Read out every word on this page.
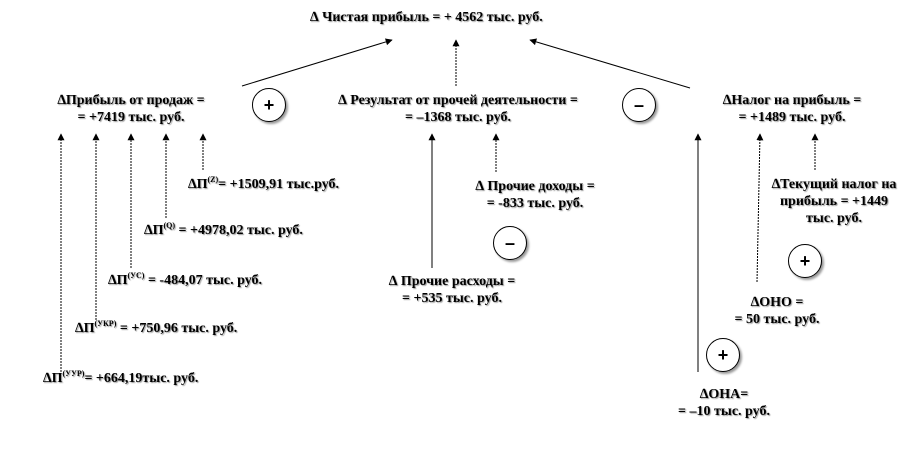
∆ Чистая прибыль = + 4562 тыс. руб.
∆Прибыль от продаж =
= +7419 тыс. руб.
+
$\Delta П^{(Z)}= +1509,91$ тыс.руб.
$\Delta П^{(Q)} = +4978,02$ тыс. руб.
$\Delta П^{(УС)} = -484,07$ тыс. руб.
$\Delta П^{(УКР)} = +750,96$ тыс. руб.
$\Delta П^{(УУР)}= +664,19тыс$. руб.
∆ Результат от прочей деятельности =
= –1368 тыс. руб.
–
∆ Прочие доходы =
= -833 тыс. руб.
–
∆ Прочие расходы =
= +535 тыс. руб.
∆Налог на прибыль =
= +1489 тыс. руб.
∆Текущий налог на
прибыль = +1449
тыс. руб.
+
∆ОНО =
= 50 тыс. руб.
+
∆ОНА=
= –10 тыс. руб.
